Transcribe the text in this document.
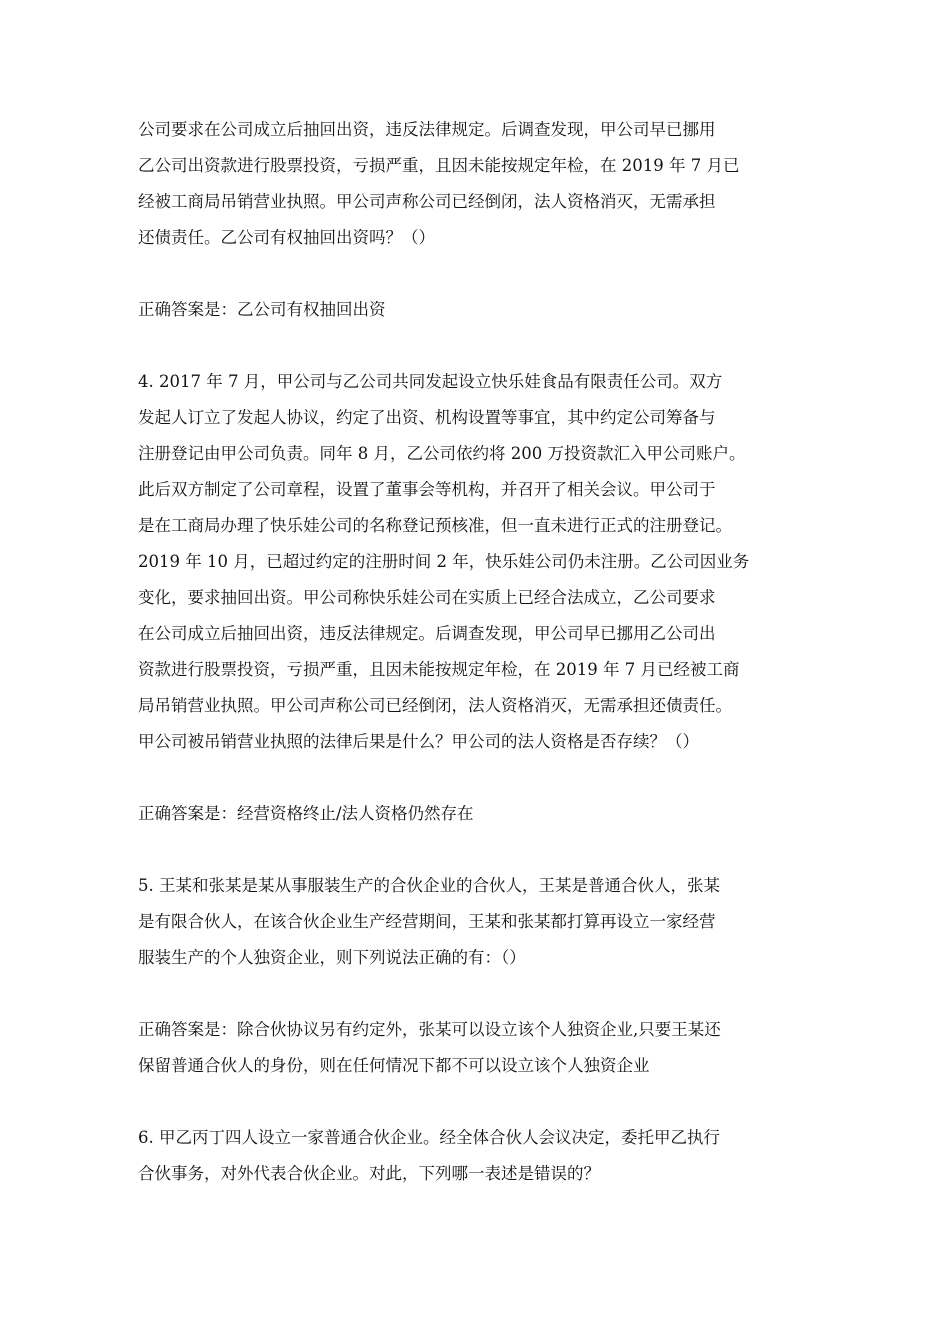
公司要求在公司成立后抽回出资，违反法律规定。后调查发现，甲公司早已挪用
乙公司出资款进行股票投资，亏损严重，且因未能按规定年检，在 2019 年 7 月已
经被工商局吊销营业执照。甲公司声称公司已经倒闭，法人资格消灭，无需承担
还债责任。乙公司有权抽回出资吗？（）

正确答案是：乙公司有权抽回出资

4. 2017 年 7 月，甲公司与乙公司共同发起设立快乐娃食品有限责任公司。双方
发起人订立了发起人协议，约定了出资、机构设置等事宜，其中约定公司筹备与
注册登记由甲公司负责。同年 8 月，乙公司依约将 200 万投资款汇入甲公司账户。
此后双方制定了公司章程，设置了董事会等机构，并召开了相关会议。甲公司于
是在工商局办理了快乐娃公司的名称登记预核准，但一直未进行正式的注册登记。
2019 年 10 月，已超过约定的注册时间 2 年，快乐娃公司仍未注册。乙公司因业务
变化，要求抽回出资。甲公司称快乐娃公司在实质上已经合法成立，乙公司要求
在公司成立后抽回出资，违反法律规定。后调查发现，甲公司早已挪用乙公司出
资款进行股票投资，亏损严重，且因未能按规定年检，在 2019 年 7 月已经被工商
局吊销营业执照。甲公司声称公司已经倒闭，法人资格消灭，无需承担还债责任。
甲公司被吊销营业执照的法律后果是什么？甲公司的法人资格是否存续？（）

正确答案是：经营资格终止/法人资格仍然存在

5. 王某和张某是某从事服装生产的合伙企业的合伙人，王某是普通合伙人，张某
是有限合伙人，在该合伙企业生产经营期间，王某和张某都打算再设立一家经营
服装生产的个人独资企业，则下列说法正确的有：（）

正确答案是：除合伙协议另有约定外，张某可以设立该个人独资企业,只要王某还
保留普通合伙人的身份，则在任何情况下都不可以设立该个人独资企业

6. 甲乙丙丁四人设立一家普通合伙企业。经全体合伙人会议决定，委托甲乙执行
合伙事务，对外代表合伙企业。对此，下列哪一表述是错误的？
